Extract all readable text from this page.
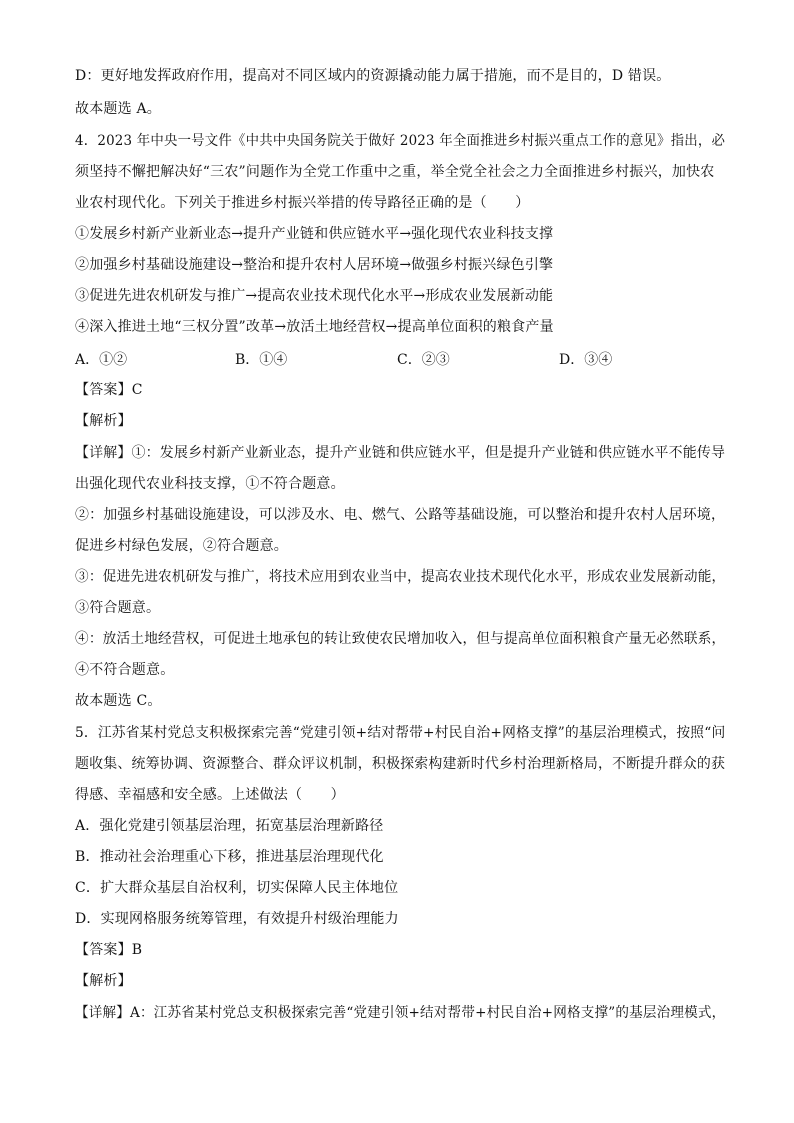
D：更好地发挥政府作用，提高对不同区域内的资源撬动能力属于措施，而不是目的，D 错误。
故本题选 A。
4．2023 年中央一号文件《中共中央国务院关于做好 2023 年全面推进乡村振兴重点工作的意见》指出，必
须坚持不懈把解决好“三农”问题作为全党工作重中之重，举全党全社会之力全面推进乡村振兴，加快农
业农村现代化。下列关于推进乡村振兴举措的传导路径正确的是（　　）
①发展乡村新产业新业态→提升产业链和供应链水平→强化现代农业科技支撑
②加强乡村基础设施建设→整治和提升农村人居环境→做强乡村振兴绿色引擎
③促进先进农机研发与推广→提高农业技术现代化水平→形成农业发展新动能
④深入推进土地“三权分置”改革→放活土地经营权→提高单位面积的粮食产量
A．①②	B．①④	C．②③	D．③④
【答案】C
【解析】
【详解】①：发展乡村新产业新业态，提升产业链和供应链水平，但是提升产业链和供应链水平不能传导
出强化现代农业科技支撑，①不符合题意。
②：加强乡村基础设施建设，可以涉及水、电、燃气、公路等基础设施，可以整治和提升农村人居环境，
促进乡村绿色发展，②符合题意。
③：促进先进农机研发与推广，将技术应用到农业当中，提高农业技术现代化水平，形成农业发展新动能，
③符合题意。
④：放活土地经营权，可促进土地承包的转让致使农民增加收入，但与提高单位面积粮食产量无必然联系，
④不符合题意。
故本题选 C。
5．江苏省某村党总支积极探索完善“党建引领+结对帮带+村民自治+网格支撑”的基层治理模式，按照“问
题收集、统筹协调、资源整合、群众评议机制，积极探索构建新时代乡村治理新格局，不断提升群众的获
得感、幸福感和安全感。上述做法（　　）
A．强化党建引领基层治理，拓宽基层治理新路径
B．推动社会治理重心下移，推进基层治理现代化
C．扩大群众基层自治权利，切实保障人民主体地位
D．实现网格服务统筹管理，有效提升村级治理能力
【答案】B
【解析】
【详解】A：江苏省某村党总支积极探索完善“党建引领+结对帮带+村民自治+网格支撑”的基层治理模式，
